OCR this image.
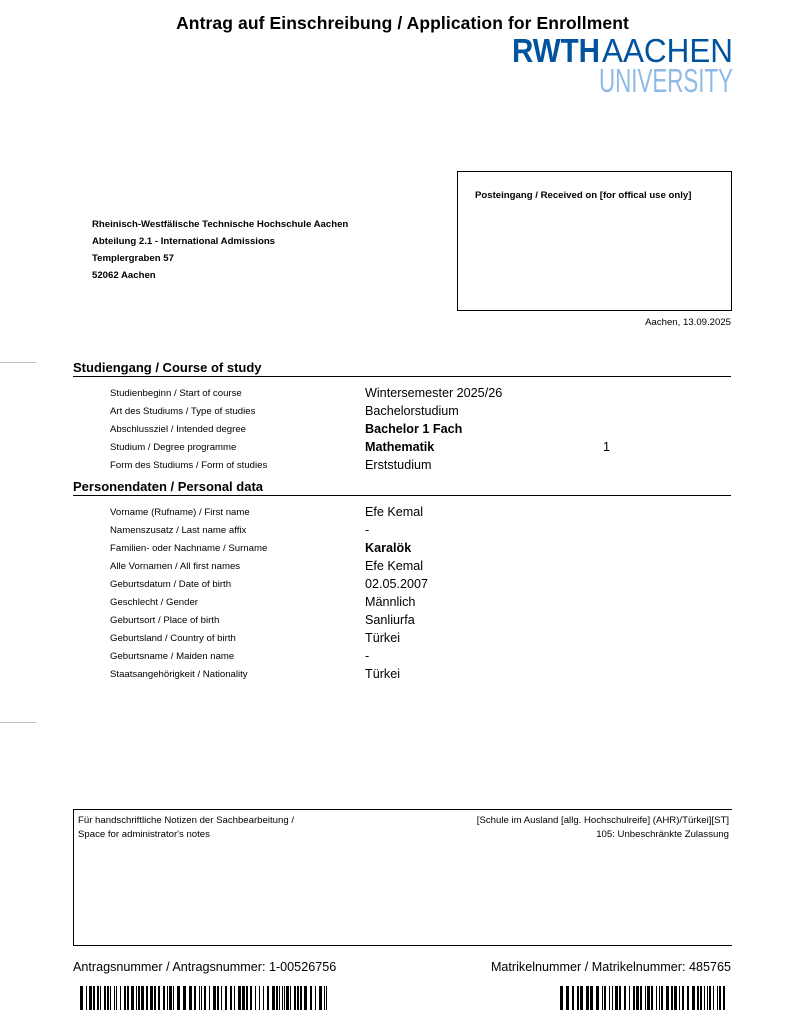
Antrag auf Einschreibung / Application for Enrollment
RWTH AACHEN
UNIVERSITY
Rheinisch-Westfälische Technische Hochschule Aachen
Abteilung 2.1 - International Admissions
Templergraben 57
52062 Aachen
Posteingang / Received on [for offical use only]
Aachen, 13.09.2025
Studiengang / Course of study
Studienbeginn / Start of course	Wintersemester 2025/26
Art des Studiums / Type of studies	Bachelorstudium
Abschlussziel / Intended degree	Bachelor 1 Fach
Studium / Degree programme	Mathematik	1
Form des Studiums / Form of studies	Erststudium
Personendaten / Personal data
Vorname (Rufname) / First name	Efe Kemal
Namenszusatz / Last name affix	-
Familien- oder Nachname / Surname	Karalök
Alle Vornamen / All first names	Efe Kemal
Geburtsdatum / Date of birth	02.05.2007
Geschlecht / Gender	Männlich
Geburtsort / Place of birth	Sanliurfa
Geburtsland / Country of birth	Türkei
Geburtsname / Maiden name	-
Staatsangehörigkeit / Nationality	Türkei
Für handschriftliche Notizen der Sachbearbeitung /
Space for administrator's notes
[Schule im Ausland [allg. Hochschulreife] (AHR)/Türkei][ST]
105: Unbeschränkte Zulassung
Antragsnummer / Antragsnummer: 1-00526756	Matrikelnummer / Matrikelnummer: 485765
